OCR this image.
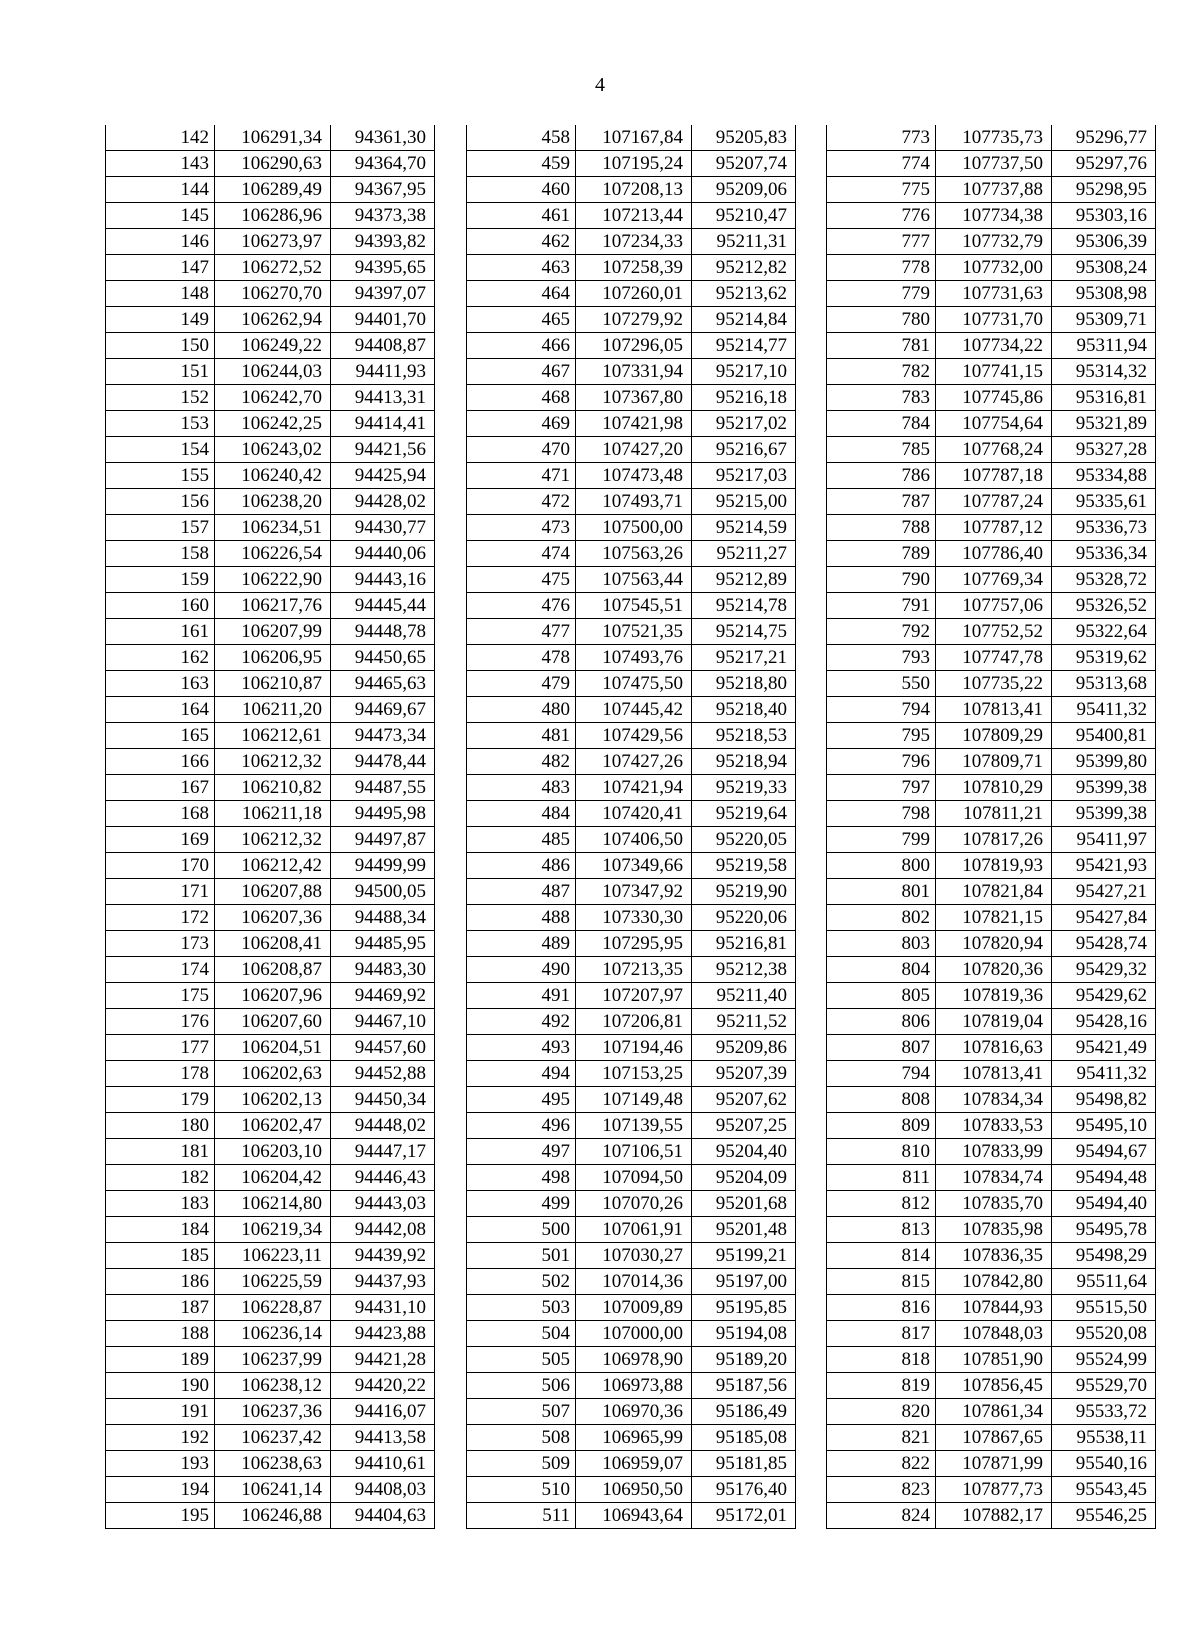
4
142	106291,34	94361,30
143	106290,63	94364,70
144	106289,49	94367,95
145	106286,96	94373,38
146	106273,97	94393,82
147	106272,52	94395,65
148	106270,70	94397,07
149	106262,94	94401,70
150	106249,22	94408,87
151	106244,03	94411,93
152	106242,70	94413,31
153	106242,25	94414,41
154	106243,02	94421,56
155	106240,42	94425,94
156	106238,20	94428,02
157	106234,51	94430,77
158	106226,54	94440,06
159	106222,90	94443,16
160	106217,76	94445,44
161	106207,99	94448,78
162	106206,95	94450,65
163	106210,87	94465,63
164	106211,20	94469,67
165	106212,61	94473,34
166	106212,32	94478,44
167	106210,82	94487,55
168	106211,18	94495,98
169	106212,32	94497,87
170	106212,42	94499,99
171	106207,88	94500,05
172	106207,36	94488,34
173	106208,41	94485,95
174	106208,87	94483,30
175	106207,96	94469,92
176	106207,60	94467,10
177	106204,51	94457,60
178	106202,63	94452,88
179	106202,13	94450,34
180	106202,47	94448,02
181	106203,10	94447,17
182	106204,42	94446,43
183	106214,80	94443,03
184	106219,34	94442,08
185	106223,11	94439,92
186	106225,59	94437,93
187	106228,87	94431,10
188	106236,14	94423,88
189	106237,99	94421,28
190	106238,12	94420,22
191	106237,36	94416,07
192	106237,42	94413,58
193	106238,63	94410,61
194	106241,14	94408,03
195	106246,88	94404,63
458	107167,84	95205,83
459	107195,24	95207,74
460	107208,13	95209,06
461	107213,44	95210,47
462	107234,33	95211,31
463	107258,39	95212,82
464	107260,01	95213,62
465	107279,92	95214,84
466	107296,05	95214,77
467	107331,94	95217,10
468	107367,80	95216,18
469	107421,98	95217,02
470	107427,20	95216,67
471	107473,48	95217,03
472	107493,71	95215,00
473	107500,00	95214,59
474	107563,26	95211,27
475	107563,44	95212,89
476	107545,51	95214,78
477	107521,35	95214,75
478	107493,76	95217,21
479	107475,50	95218,80
480	107445,42	95218,40
481	107429,56	95218,53
482	107427,26	95218,94
483	107421,94	95219,33
484	107420,41	95219,64
485	107406,50	95220,05
486	107349,66	95219,58
487	107347,92	95219,90
488	107330,30	95220,06
489	107295,95	95216,81
490	107213,35	95212,38
491	107207,97	95211,40
492	107206,81	95211,52
493	107194,46	95209,86
494	107153,25	95207,39
495	107149,48	95207,62
496	107139,55	95207,25
497	107106,51	95204,40
498	107094,50	95204,09
499	107070,26	95201,68
500	107061,91	95201,48
501	107030,27	95199,21
502	107014,36	95197,00
503	107009,89	95195,85
504	107000,00	95194,08
505	106978,90	95189,20
506	106973,88	95187,56
507	106970,36	95186,49
508	106965,99	95185,08
509	106959,07	95181,85
510	106950,50	95176,40
511	106943,64	95172,01
773	107735,73	95296,77
774	107737,50	95297,76
775	107737,88	95298,95
776	107734,38	95303,16
777	107732,79	95306,39
778	107732,00	95308,24
779	107731,63	95308,98
780	107731,70	95309,71
781	107734,22	95311,94
782	107741,15	95314,32
783	107745,86	95316,81
784	107754,64	95321,89
785	107768,24	95327,28
786	107787,18	95334,88
787	107787,24	95335,61
788	107787,12	95336,73
789	107786,40	95336,34
790	107769,34	95328,72
791	107757,06	95326,52
792	107752,52	95322,64
793	107747,78	95319,62
550	107735,22	95313,68
794	107813,41	95411,32
795	107809,29	95400,81
796	107809,71	95399,80
797	107810,29	95399,38
798	107811,21	95399,38
799	107817,26	95411,97
800	107819,93	95421,93
801	107821,84	95427,21
802	107821,15	95427,84
803	107820,94	95428,74
804	107820,36	95429,32
805	107819,36	95429,62
806	107819,04	95428,16
807	107816,63	95421,49
794	107813,41	95411,32
808	107834,34	95498,82
809	107833,53	95495,10
810	107833,99	95494,67
811	107834,74	95494,48
812	107835,70	95494,40
813	107835,98	95495,78
814	107836,35	95498,29
815	107842,80	95511,64
816	107844,93	95515,50
817	107848,03	95520,08
818	107851,90	95524,99
819	107856,45	95529,70
820	107861,34	95533,72
821	107867,65	95538,11
822	107871,99	95540,16
823	107877,73	95543,45
824	107882,17	95546,25
